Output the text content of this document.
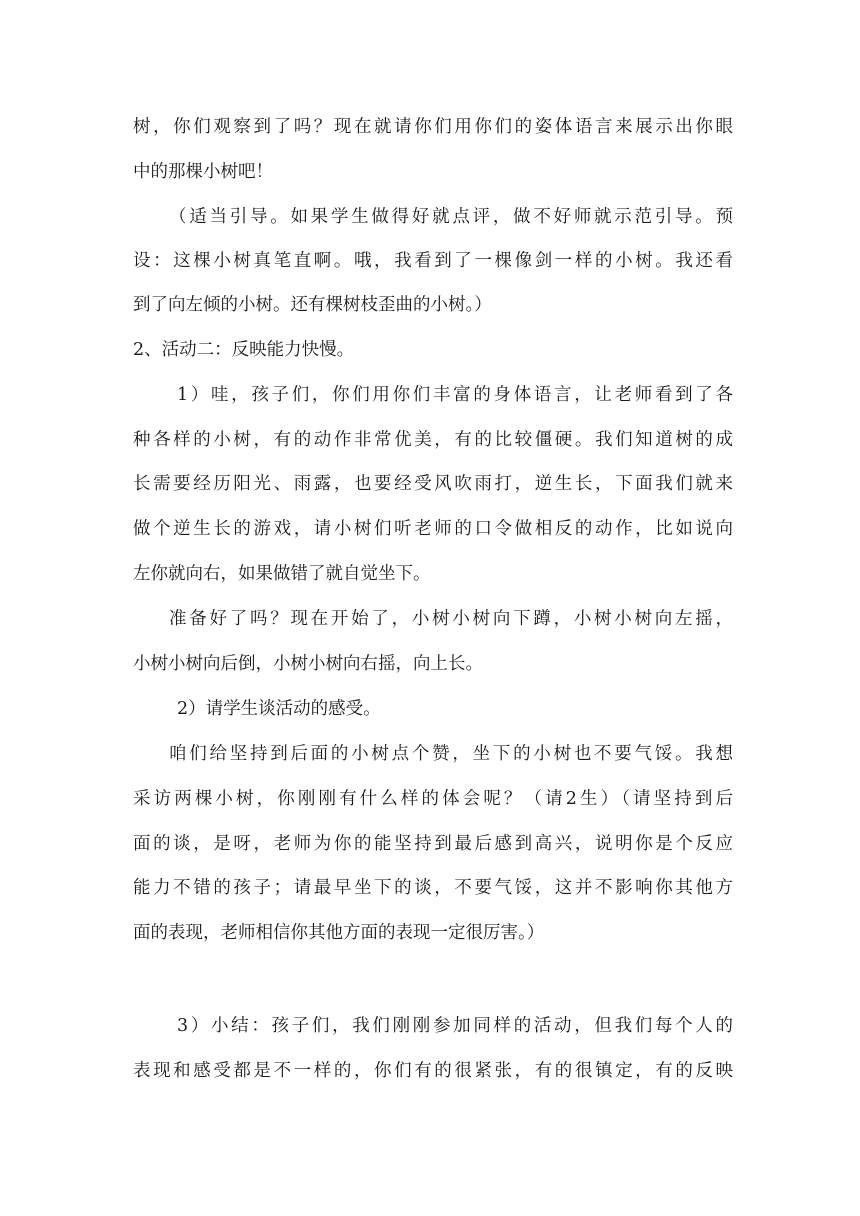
树，你们观察到了吗？现在就请你们用你们的姿体语言来展示出你眼
中的那棵小树吧！
（适当引导。如果学生做得好就点评，做不好师就示范引导。预
设：这棵小树真笔直啊。哦，我看到了一棵像剑一样的小树。我还看
到了向左倾的小树。还有棵树枝歪曲的小树。）
2、活动二：反映能力快慢。
1）哇，孩子们，你们用你们丰富的身体语言，让老师看到了各
种各样的小树，有的动作非常优美，有的比较僵硬。我们知道树的成
长需要经历阳光、雨露，也要经受风吹雨打，逆生长，下面我们就来
做个逆生长的游戏，请小树们听老师的口令做相反的动作，比如说向
左你就向右，如果做错了就自觉坐下。
准备好了吗？现在开始了，小树小树向下蹲，小树小树向左摇，
小树小树向后倒，小树小树向右摇，向上长。
2）请学生谈活动的感受。
咱们给坚持到后面的小树点个赞，坐下的小树也不要气馁。我想
采访两棵小树，你刚刚有什么样的体会呢？（请2生）（请坚持到后
面的谈，是呀，老师为你的能坚持到最后感到高兴，说明你是个反应
能力不错的孩子；请最早坐下的谈，不要气馁，这并不影响你其他方
面的表现，老师相信你其他方面的表现一定很厉害。）
3）小结：孩子们，我们刚刚参加同样的活动，但我们每个人的
表现和感受都是不一样的，你们有的很紧张，有的很镇定，有的反映
